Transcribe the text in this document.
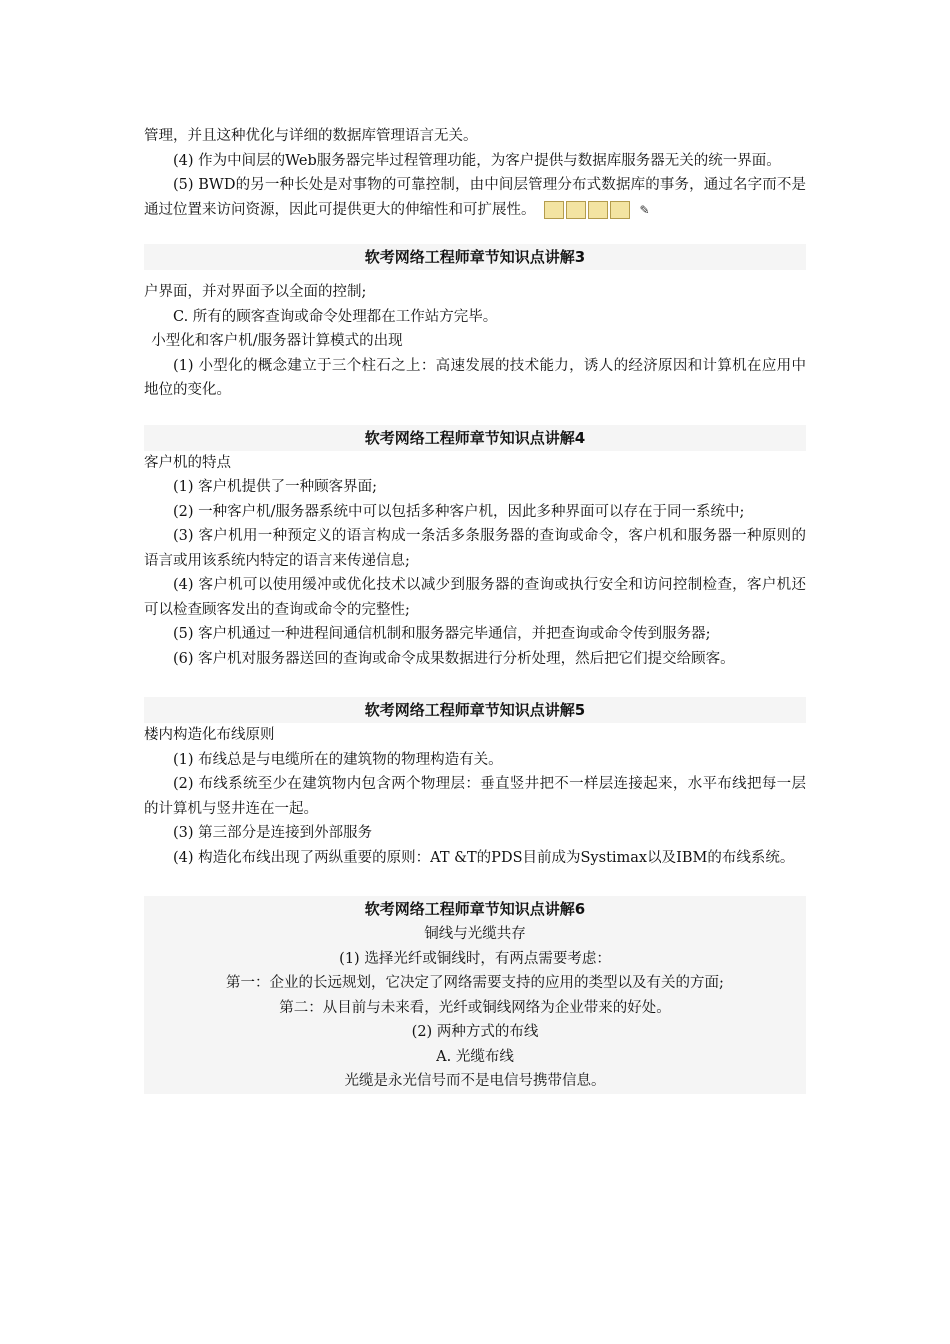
管理，并且这种优化与详细的数据库管理语言无关。

(4) 作为中间层的Web服务器完毕过程管理功能，为客户提供与数据库服务器无关的统一界面。

(5) BWD的另一种长处是对事物的可靠控制，由中间层管理分布式数据库的事务，通过名字而不是通过位置来访问资源，因此可提供更大的伸缩性和可扩展性。	✎

软考网络工程师章节知识点讲解3

户界面，并对界面予以全面的控制;

C. 所有的顾客查询或命令处理都在工作站方完毕。

小型化和客户机/服务器计算模式的出现

(1) 小型化的概念建立于三个柱石之上：高速发展的技术能力，诱人的经济原因和计算机在应用中地位的变化。

软考网络工程师章节知识点讲解4

客户机的特点

(1) 客户机提供了一种顾客界面;

(2) 一种客户机/服务器系统中可以包括多种客户机，因此多种界面可以存在于同一系统中;

(3) 客户机用一种预定义的语言构成一条活多条服务器的查询或命令，客户机和服务器一种原则的语言或用该系统内特定的语言来传递信息;

(4) 客户机可以使用缓冲或优化技术以减少到服务器的查询或执行安全和访问控制检查，客户机还可以检查顾客发出的查询或命令的完整性;

(5) 客户机通过一种进程间通信机制和服务器完毕通信，并把查询或命令传到服务器;

(6) 客户机对服务器送回的查询或命令成果数据进行分析处理，然后把它们提交给顾客。

软考网络工程师章节知识点讲解5

楼内构造化布线原则

(1) 布线总是与电缆所在的建筑物的物理构造有关。

(2) 布线系统至少在建筑物内包含两个物理层：垂直竖井把不一样层连接起来，水平布线把每一层的计算机与竖井连在一起。

(3) 第三部分是连接到外部服务

(4) 构造化布线出现了两纵重要的原则：AT &T的PDS目前成为Systimax以及IBM的布线系统。

软考网络工程师章节知识点讲解6

铜线与光缆共存

(1) 选择光纤或铜线时，有两点需要考虑：

第一：企业的长远规划，它决定了网络需要支持的应用的类型以及有关的方面;

第二：从目前与未来看，光纤或铜线网络为企业带来的好处。

(2) 两种方式的布线

A. 光缆布线

光缆是永光信号而不是电信号携带信息。
